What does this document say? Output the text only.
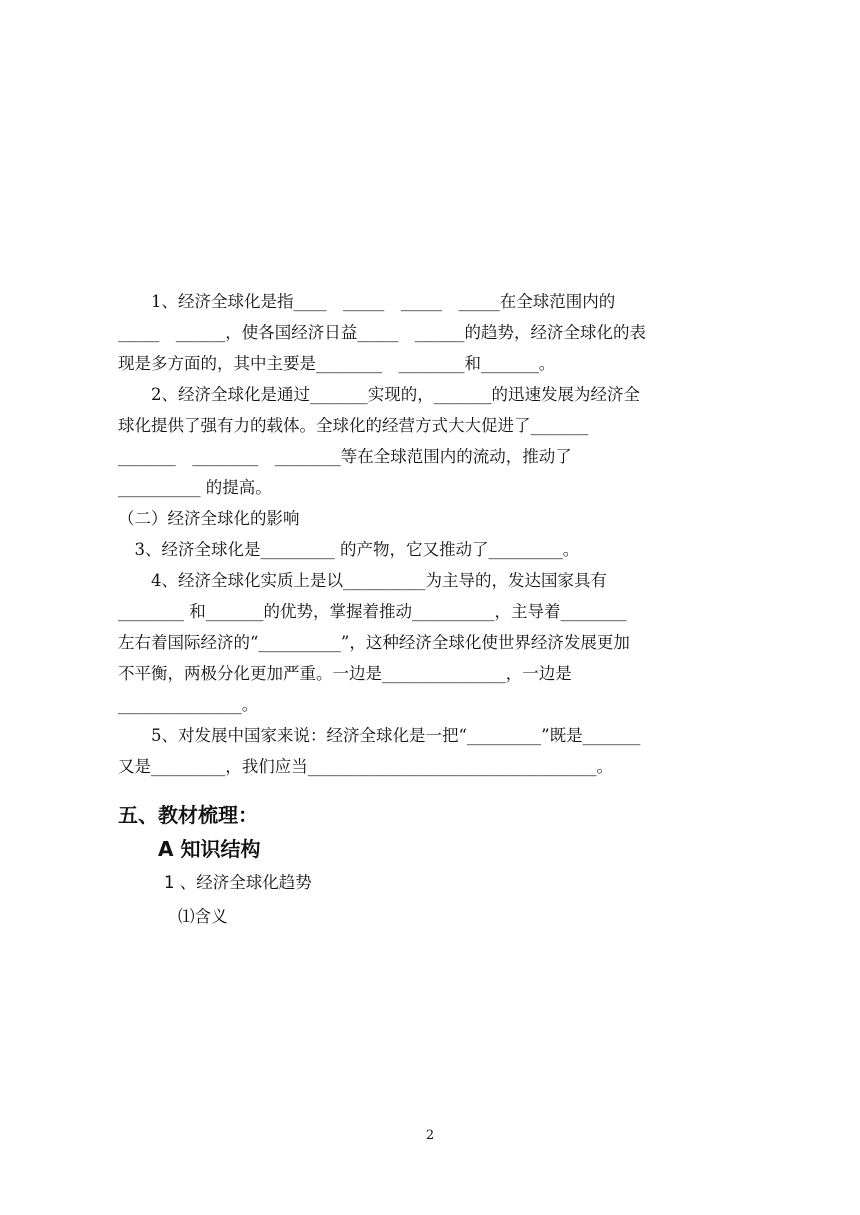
1、经济全球化是指____　_____　_____　_____在全球范围内的

_____　______，使各国经济日益_____　______的趋势，经济全球化的表

现是多方面的，其中主要是________　________和_______。

2、经济全球化是通过_______实现的，_______的迅速发展为经济全

球化提供了强有力的载体。全球化的经营方式大大促进了_______

_______　________　________等在全球范围内的流动，推动了

__________ 的提高。

（二）经济全球化的影响

3、经济全球化是_________ 的产物，它又推动了_________。

4、经济全球化实质上是以__________为主导的，发达国家具有

________ 和_______的优势，掌握着推动__________，主导着________

左右着国际经济的“__________”，这种经济全球化使世界经济发展更加

不平衡，两极分化更加严重。一边是_______________，一边是

_______________。

5、对发展中国家来说：经济全球化是一把“_________”既是_______

又是_________，我们应当___________________________________。

五、教材梳理：
A 知识结构
1 、经济全球化趋势
⑴含义
2
